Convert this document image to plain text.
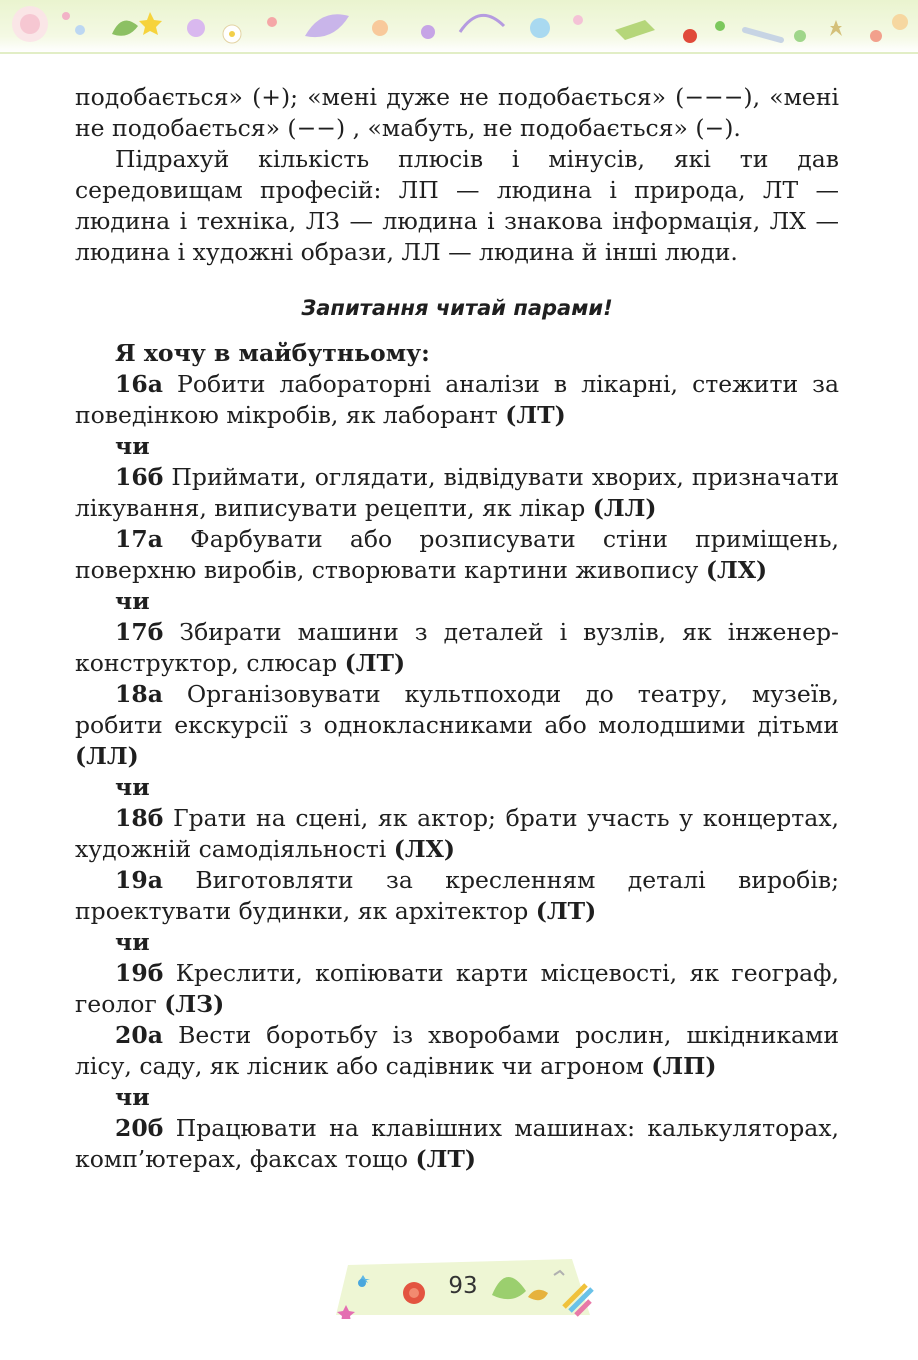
подобається» (+); «мені дуже не подобається» (−−−), «мені не подобається» (−−) , «мабуть, не подобається» (−).

Підрахуй кількість плюсів і мінусів, які ти дав середовищам професій: ЛП — людина і природа, ЛТ — людина і техніка, ЛЗ — людина і знакова інформація, ЛХ — людина і художні образи, ЛЛ — людина й інші люди.

Запитання читай парами!

Я хочу в майбутньому:

16а Робити лабораторні аналізи в лікарні, стежити за поведінкою мікробів, як лаборант (ЛТ)

чи

16б Приймати, оглядати, відвідувати хворих, призначати лікування, виписувати рецепти, як лікар (ЛЛ)

17а Фарбувати або розписувати стіни приміщень, поверхню виробів, створювати картини живопису (ЛХ)

чи

17б Збирати машини з деталей і вузлів, як інженер-конструктор, слюсар (ЛТ)

18а Організовувати культпоходи до театру, музеїв, робити екскурсії з однокласниками або молодшими дітьми (ЛЛ)

чи

18б Грати на сцені, як актор; брати участь у концертах, художній самодіяльності (ЛХ)

19а Виготовляти за кресленням деталі виробів; проектувати будинки, як архітектор (ЛТ)

чи

19б Креслити, копіювати карти місцевості, як географ, геолог (ЛЗ)

20а Вести боротьбу із хворобами рослин, шкідниками лісу, саду, як лісник або садівник чи агроном (ЛП)

чи

20б Працювати на клавішних машинах: калькуляторах, комп’ютерах, факсах тощо (ЛТ)

93
